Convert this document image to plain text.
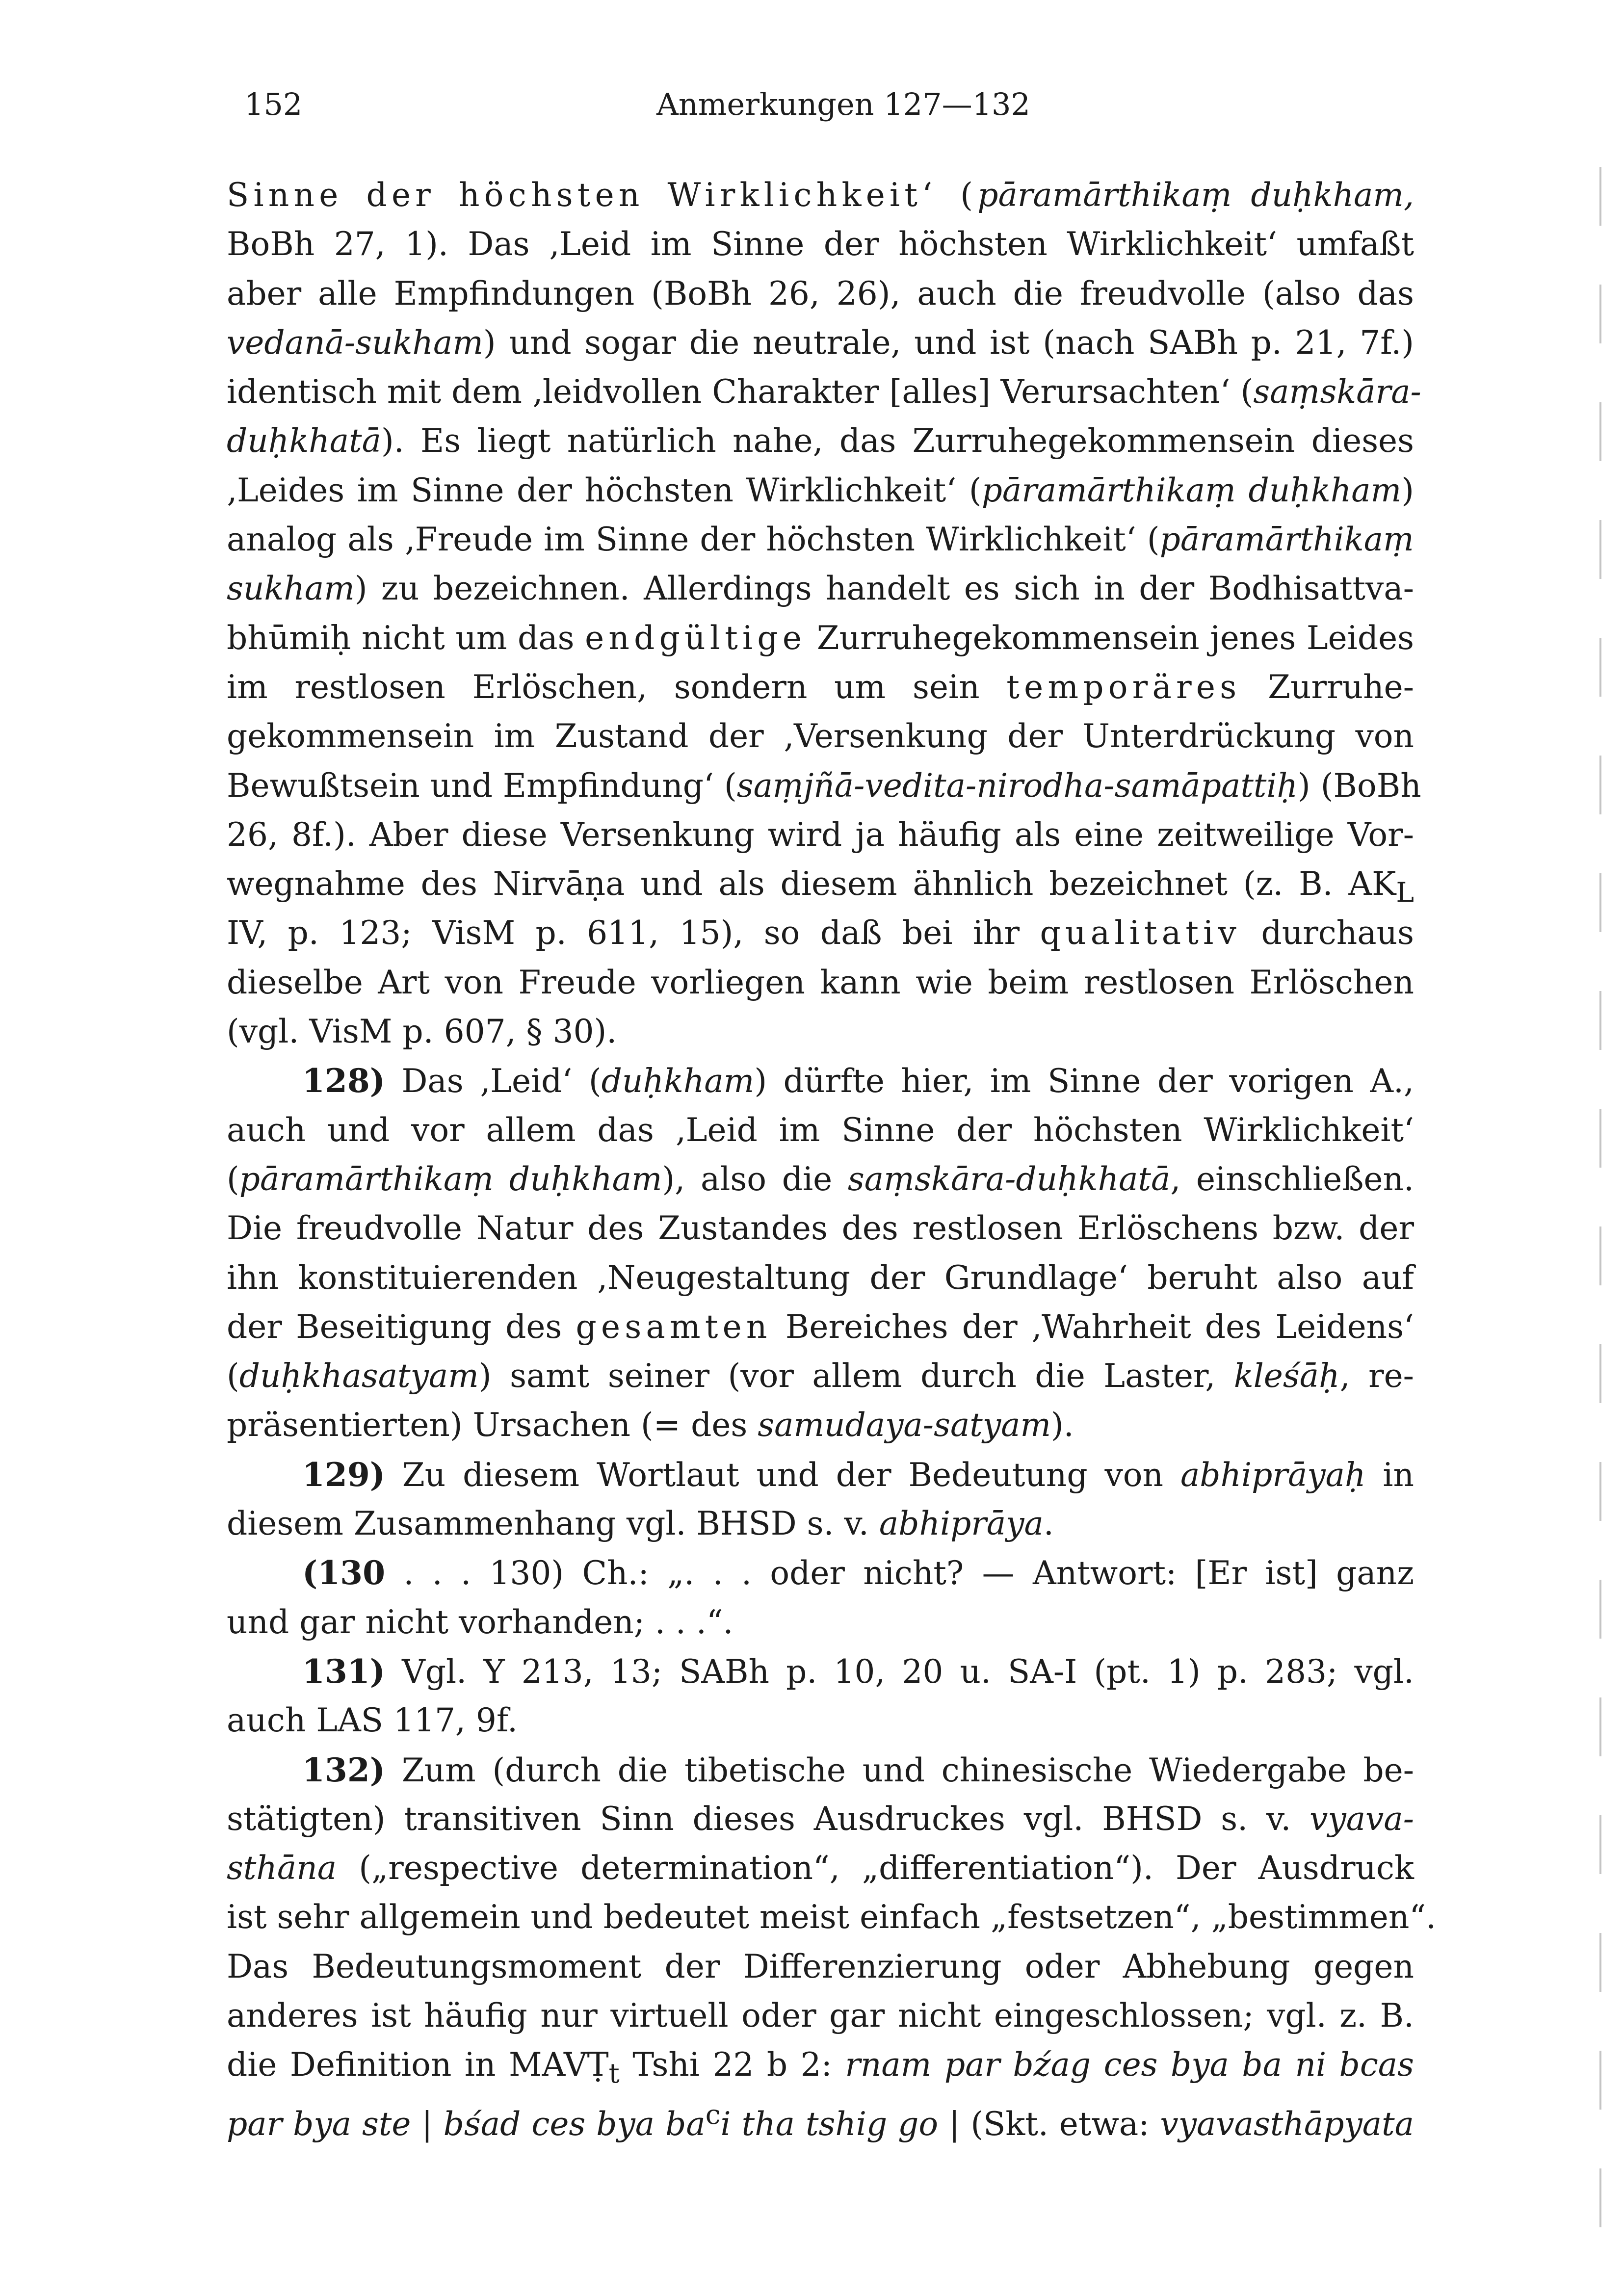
152	Anmerkungen 127—132
Sinne der höchsten Wirklichkeit‘ (pāramārthikaṃ duḥkham,
BoBh 27, 1). Das ‚Leid im Sinne der höchsten Wirklichkeit‘ umfaßt
aber alle Empfindungen (BoBh 26, 26), auch die freudvolle (also das
vedanā-sukham) und sogar die neutrale, und ist (nach SABh p. 21, 7f.)
identisch mit dem ‚leidvollen Charakter [alles] Verursachten‘ (saṃskāra-
duḥkhatā). Es liegt natürlich nahe, das Zurruhegekommensein dieses
‚Leides im Sinne der höchsten Wirklichkeit‘ (pāramārthikaṃ duḥkham)
analog als ‚Freude im Sinne der höchsten Wirklichkeit‘ (pāramārthikaṃ
sukham) zu bezeichnen. Allerdings handelt es sich in der Bodhisattva-
bhūmiḥ nicht um das endgültige Zurruhegekommensein jenes Leides
im restlosen Erlöschen, sondern um sein temporäres Zurruhe-
gekommensein im Zustand der ‚Versenkung der Unterdrückung von
Bewußtsein und Empfindung‘ (saṃjñā-vedita-nirodha-samāpattiḥ) (BoBh
26, 8f.). Aber diese Versenkung wird ja häufig als eine zeitweilige Vor-
wegnahme des Nirvāṇa und als diesem ähnlich bezeichnet (z. B. $AK_L$
IV, p. 123; VisM p. 611, 15), so daß bei ihr qualitativ durchaus
dieselbe Art von Freude vorliegen kann wie beim restlosen Erlöschen
(vgl. VisM p. 607, § 30).
128) Das ‚Leid‘ (duḥkham) dürfte hier, im Sinne der vorigen A.,
auch und vor allem das ‚Leid im Sinne der höchsten Wirklichkeit‘
(pāramārthikaṃ duḥkham), also die saṃskāra-duḥkhatā, einschließen.
Die freudvolle Natur des Zustandes des restlosen Erlöschens bzw. der
ihn konstituierenden ‚Neugestaltung der Grundlage‘ beruht also auf
der Beseitigung des gesamten Bereiches der ‚Wahrheit des Leidens‘
(duḥkhasatyam) samt seiner (vor allem durch die Laster, kleśāḥ, re-
präsentierten) Ursachen (= des samudaya-satyam).
129) Zu diesem Wortlaut und der Bedeutung von abhiprāyaḥ in
diesem Zusammenhang vgl. BHSD s. v. abhiprāya.
(130 . . . 130) Ch.: „. . . oder nicht? — Antwort: [Er ist] ganz
und gar nicht vorhanden; . . .“.
131) Vgl. Y 213, 13; SABh p. 10, 20 u. SA-I (pt. 1) p. 283; vgl.
auch LAS 117, 9f.
132) Zum (durch die tibetische und chinesische Wiedergabe be-
stätigten) transitiven Sinn dieses Ausdruckes vgl. BHSD s. v. vyava-
sthāna („respective determination“, „differentiation“). Der Ausdruck
ist sehr allgemein und bedeutet meist einfach „festsetzen“, „bestimmen“.
Das Bedeutungsmoment der Differenzierung oder Abhebung gegen
anderes ist häufig nur virtuell oder gar nicht eingeschlossen; vgl. z. B.
die Definition in MAVṬ$_t$ Tshi 22 b 2: rnam par bźag ces bya ba ni bcas
par bya ste | bśad ces bya $ba^ci$ tha tshig go | (Skt. etwa: vyavasthāpyata
